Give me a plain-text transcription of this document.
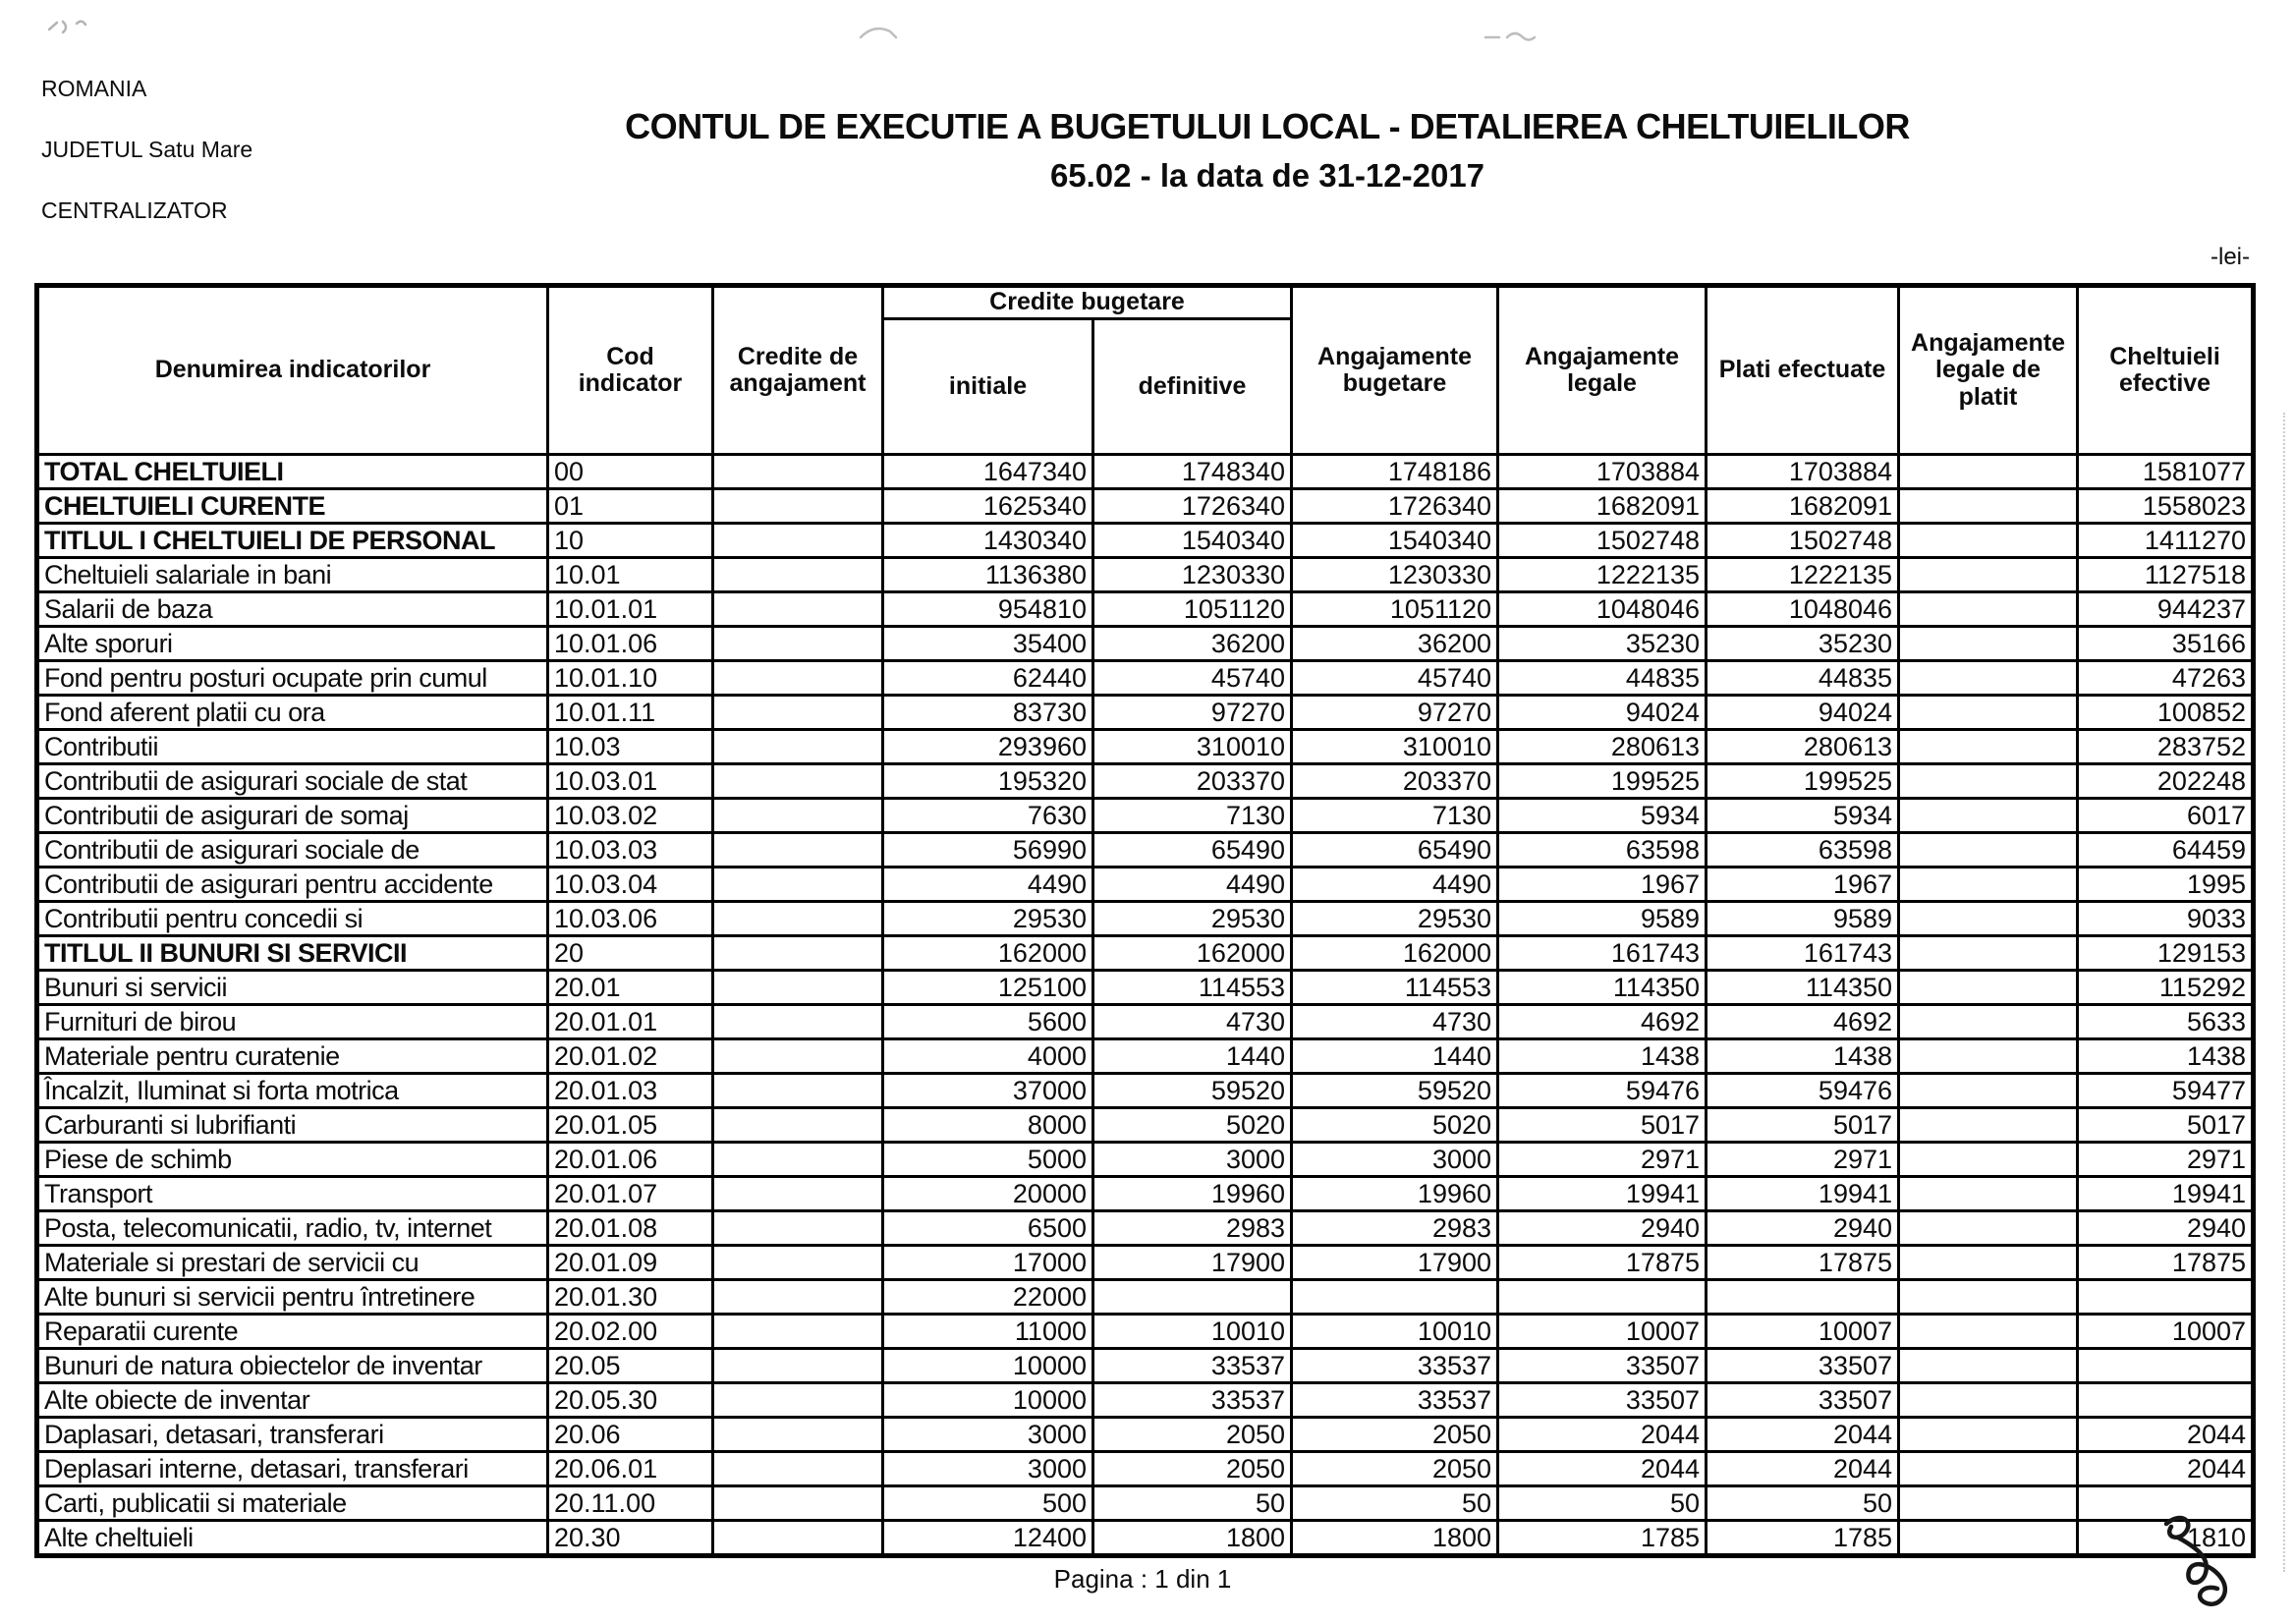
ROMANIA

JUDETUL Satu Mare

CENTRALIZATOR

CONTUL DE EXECUTIE A BUGETULUI LOCAL - DETALIEREA CHELTUIELILOR
65.02 - la data de 31-12-2017
-lei-
Denumirea indicatorilor	Cod indicator	Credite de angajament	Credite bugetare		Angajamente bugetare	Angajamente legale	Plati efectuate	Angajamente legale de platit	Cheltuieli efective
			initiale	definitive					
TOTAL CHELTUIELI	00		1647340	1748340	1748186	1703884	1703884		1581077
CHELTUIELI CURENTE	01		1625340	1726340	1726340	1682091	1682091		1558023
TITLUL I CHELTUIELI DE PERSONAL	10		1430340	1540340	1540340	1502748	1502748		1411270
Cheltuieli salariale in bani	10.01		1136380	1230330	1230330	1222135	1222135		1127518
Salarii de baza	10.01.01		954810	1051120	1051120	1048046	1048046		944237
Alte sporuri	10.01.06		35400	36200	36200	35230	35230		35166
Fond pentru posturi ocupate prin cumul	10.01.10		62440	45740	45740	44835	44835		47263
Fond aferent platii cu ora	10.01.11		83730	97270	97270	94024	94024		100852
Contributii	10.03		293960	310010	310010	280613	280613		283752
Contributii de asigurari sociale de stat	10.03.01		195320	203370	203370	199525	199525		202248
Contributii de asigurari de somaj	10.03.02		7630	7130	7130	5934	5934		6017
Contributii de asigurari sociale de	10.03.03		56990	65490	65490	63598	63598		64459
Contributii de asigurari pentru accidente	10.03.04		4490	4490	4490	1967	1967		1995
Contributii pentru concedii si	10.03.06		29530	29530	29530	9589	9589		9033
TITLUL II BUNURI SI SERVICII	20		162000	162000	162000	161743	161743		129153
Bunuri si servicii	20.01		125100	114553	114553	114350	114350		115292
Furnituri de birou	20.01.01		5600	4730	4730	4692	4692		5633
Materiale pentru curatenie	20.01.02		4000	1440	1440	1438	1438		1438
Încalzit, Iluminat si forta motrica	20.01.03		37000	59520	59520	59476	59476		59477
Carburanti si lubrifianti	20.01.05		8000	5020	5020	5017	5017		5017
Piese de schimb	20.01.06		5000	3000	3000	2971	2971		2971
Transport	20.01.07		20000	19960	19960	19941	19941		19941
Posta, telecomunicatii, radio, tv, internet	20.01.08		6500	2983	2983	2940	2940		2940
Materiale si prestari de servicii cu	20.01.09		17000	17900	17900	17875	17875		17875
Alte bunuri si servicii pentru întretinere	20.01.30		22000						
Reparatii curente	20.02.00		11000	10010	10010	10007	10007		10007
Bunuri de natura obiectelor de inventar	20.05		10000	33537	33537	33507	33507		
Alte obiecte de inventar	20.05.30		10000	33537	33537	33507	33507		
Daplasari, detasari, transferari	20.06		3000	2050	2050	2044	2044		2044
Deplasari interne, detasari, transferari	20.06.01		3000	2050	2050	2044	2044		2044
Carti, publicatii si materiale	20.11.00		500	50	50	50	50		
Alte cheltuieli	20.30		12400	1800	1800	1785	1785		1810
Pagina : 1 din 1
